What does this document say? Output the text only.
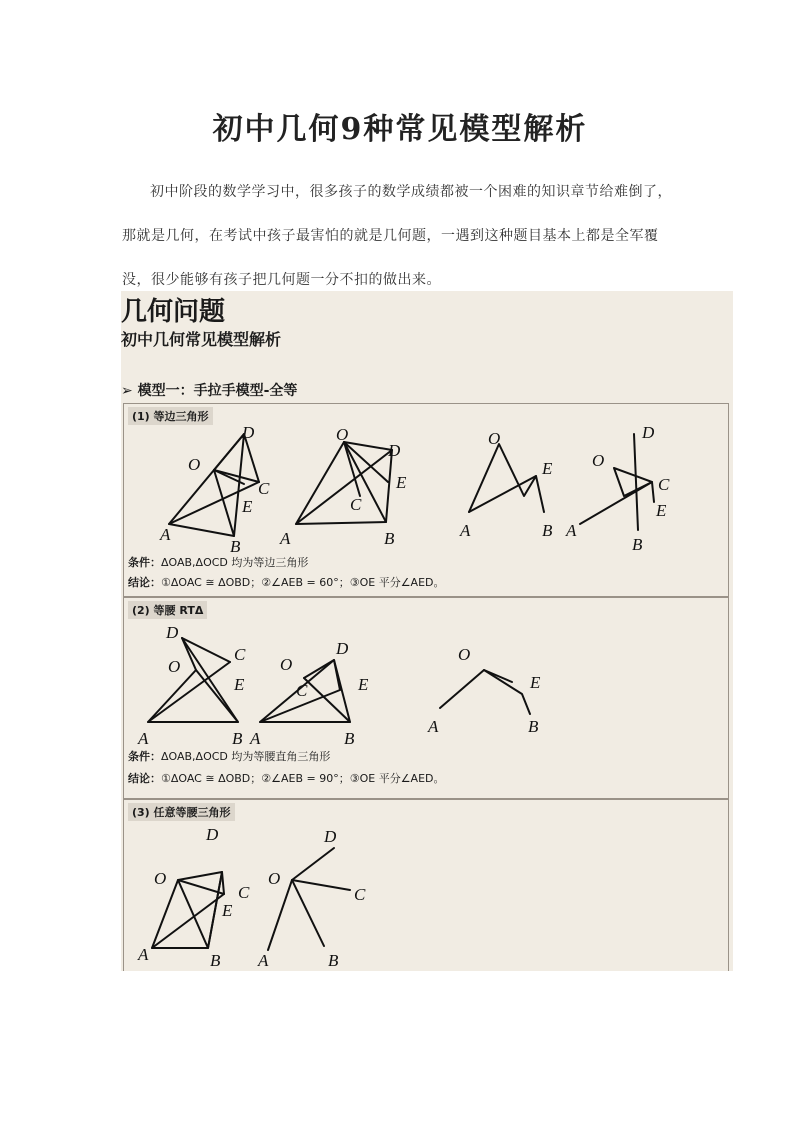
初中几何9种常见模型解析

初中阶段的数学学习中，很多孩子的数学成绩都被一个困难的知识章节给难倒了，那就是几何，在考试中孩子最害怕的就是几何题，一遇到这种题目基本上都是全军覆没，很少能够有孩子把几何题一分不扣的做出来。

几何问题
初中几何常见模型解析
➢ 模型一：手拉手模型-全等
(1) 等边三角形
A
B
C
D
E
O
A	B
C
D
E
O
A	B
E
O
A
B
C
D
E
O
条件：ΔOAB,ΔOCD 均为等边三角形
结论：①ΔOAC ≅ ΔOBD；②∠AEB = 60°；③OE 平分∠AED。
(2) 等腰 RTΔ
A	B
C
D
E
O
A	B
C
D
E
O
A	B
E
O
条件：ΔOAB,ΔOCD 均为等腰直角三角形
结论：①ΔOAC ≅ ΔOBD；②∠AEB = 90°；③OE 平分∠AED。
(3) 任意等腰三角形
A	B
C
D
E
O
A	B
C
D
O
